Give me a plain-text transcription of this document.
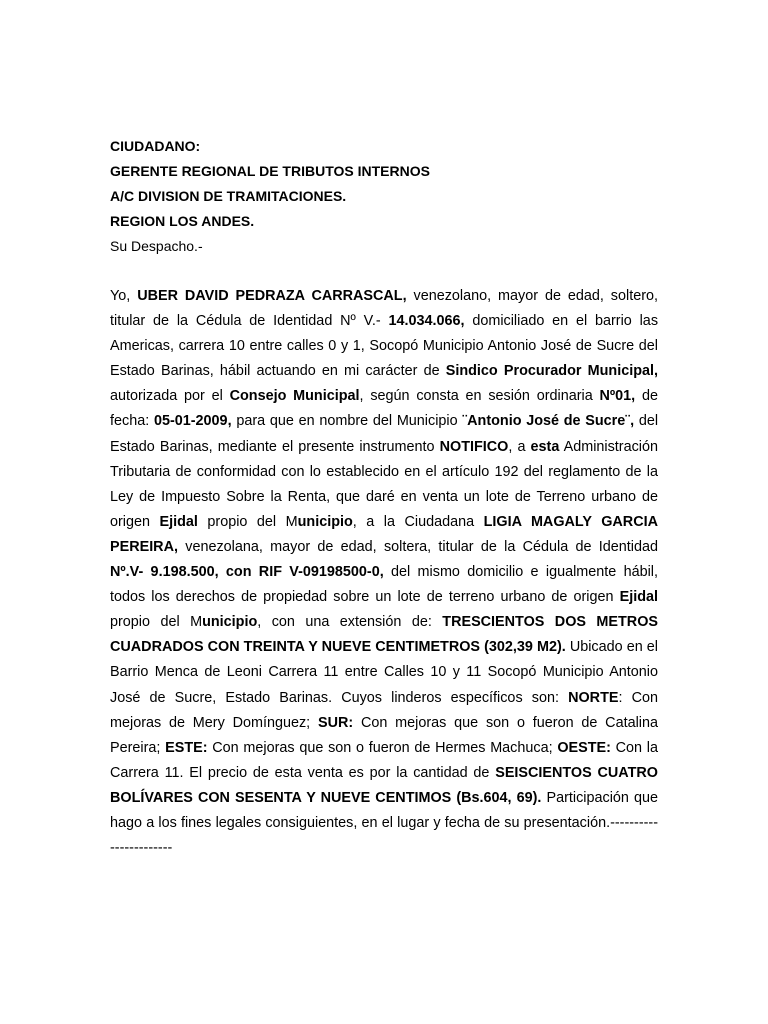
CIUDADANO:
GERENTE REGIONAL DE TRIBUTOS INTERNOS
A/C DIVISION DE TRAMITACIONES.
REGION LOS ANDES.
Su Despacho.-
Yo, UBER DAVID PEDRAZA CARRASCAL, venezolano, mayor de edad, soltero, titular de la Cédula de Identidad Nº V.- 14.034.066, domiciliado en el barrio las Americas, carrera 10 entre calles 0 y 1, Socopó Municipio Antonio José de Sucre del Estado Barinas, hábil actuando en mi carácter de Sindico Procurador Municipal, autorizada por el Consejo Municipal, según consta en sesión ordinaria Nº01, de fecha: 05-01-2009, para que en nombre del Municipio ¨Antonio José de Sucre¨, del Estado Barinas, mediante el presente instrumento NOTIFICO, a esta Administración Tributaria de conformidad con lo establecido en el artículo 192 del reglamento de la Ley de Impuesto Sobre la Renta, que daré en venta un lote de Terreno urbano de origen Ejidal propio del Municipio, a la Ciudadana LIGIA MAGALY GARCIA PEREIRA, venezolana, mayor de edad, soltera, titular de la Cédula de Identidad Nº.V- 9.198.500, con RIF V-09198500-0, del mismo domicilio e igualmente hábil, todos los derechos de propiedad sobre un lote de terreno urbano de origen Ejidal propio del Municipio, con una extensión de: TRESCIENTOS DOS METROS CUADRADOS CON TREINTA Y NUEVE CENTIMETROS (302,39 M2). Ubicado en el Barrio Menca de Leoni Carrera 11 entre Calles 10 y 11 Socopó Municipio Antonio José de Sucre, Estado Barinas. Cuyos linderos específicos son: NORTE: Con mejoras de Mery Domínguez; SUR: Con mejoras que son o fueron de Catalina Pereira; ESTE: Con mejoras que son o fueron de Hermes Machuca; OESTE: Con la Carrera 11. El precio de esta venta es por la cantidad de SEISCIENTOS CUATRO BOLÍVARES CON SESENTA Y NUEVE CENTIMOS (Bs.604, 69). Participación que hago a los fines legales consiguientes, en el lugar y fecha de su presentación.-----------------------
